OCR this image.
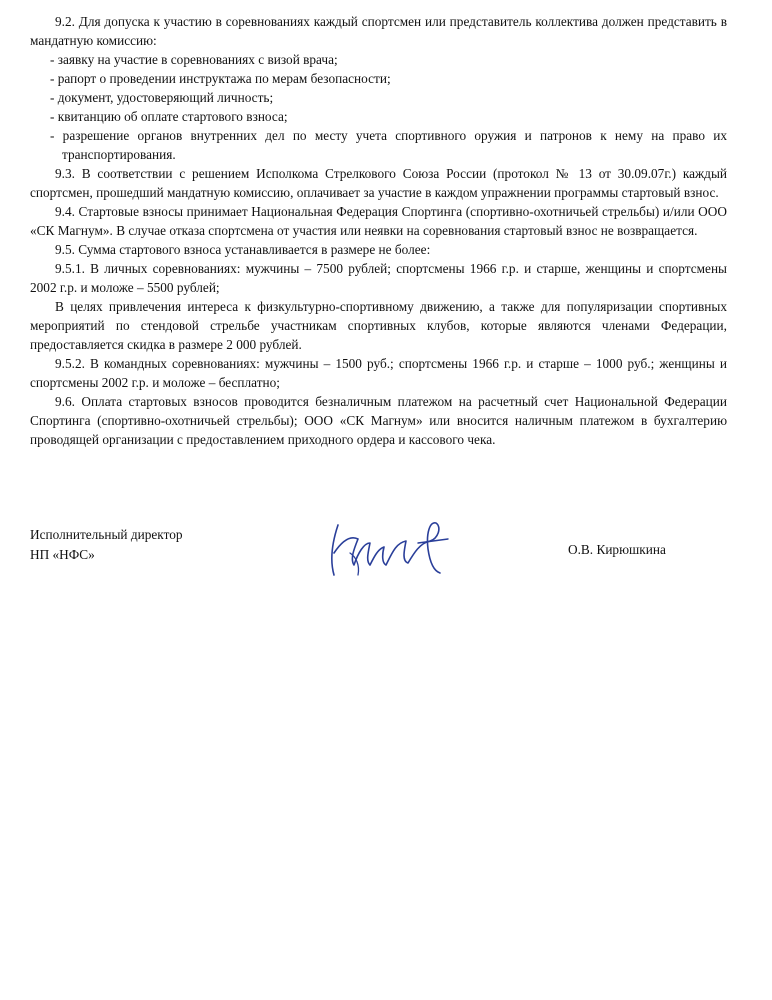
9.2. Для допуска к участию в соревнованиях каждый спортсмен или представитель коллектива должен представить в мандатную комиссию:

- заявку на участие в соревнованиях с визой врача;

- рапорт о проведении инструктажа по мерам безопасности;

- документ, удостоверяющий личность;

- квитанцию об оплате стартового взноса;

- разрешение органов внутренних дел по месту учета спортивного оружия и патронов к нему на право их транспортирования.

9.3. В соответствии с решением Исполкома Стрелкового Союза России (протокол № 13 от 30.09.07г.) каждый спортсмен, прошедший мандатную комиссию, оплачивает за участие в каждом упражнении программы стартовый взнос.

9.4. Стартовые взносы принимает Национальная Федерация Спортинга (спортивно-охотничьей стрельбы) и/или ООО «СК Магнум». В случае отказа спортсмена от участия или неявки на соревнования стартовый взнос не возвращается.

9.5. Сумма стартового взноса устанавливается в размере не более:

9.5.1. В личных соревнованиях: мужчины – 7500 рублей; спортсмены 1966 г.р. и старше, женщины и спортсмены 2002 г.р. и моложе – 5500 рублей;

В целях привлечения интереса к физкультурно-спортивному движению, а также для популяризации спортивных мероприятий по стендовой стрельбе участникам спортивных клубов, которые являются членами Федерации, предоставляется скидка в размере 2 000 рублей.

9.5.2. В командных соревнованиях: мужчины – 1500 руб.; спортсмены 1966 г.р. и старше – 1000 руб.; женщины и спортсмены 2002 г.р. и моложе – бесплатно;

9.6. Оплата стартовых взносов проводится безналичным платежом на расчетный счет Национальной Федерации Спортинга (спортивно-охотничьей стрельбы); ООО «СК Магнум» или вносится наличным платежом в бухгалтерию проводящей организации с предоставлением приходного ордера и кассового чека.

Исполнительный директор
НП «НФС»	О.В. Кирюшкина
